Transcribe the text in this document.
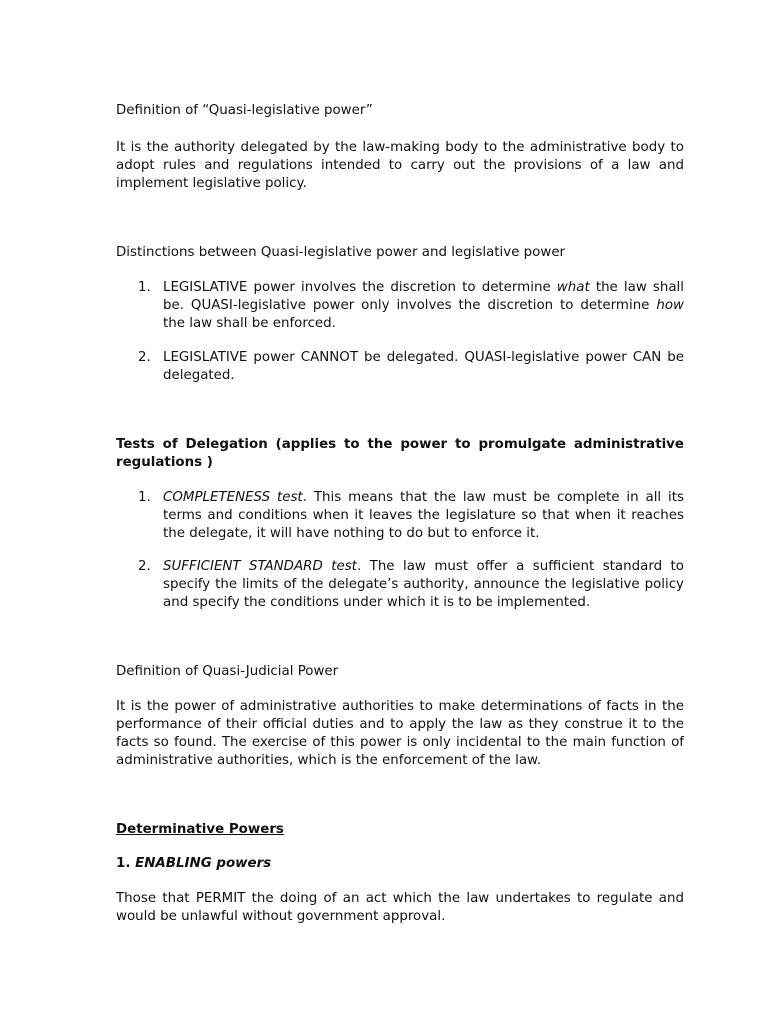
Definition of “Quasi-legislative power”

It is the authority delegated by the law-making body to the administrative body to adopt rules and regulations intended to carry out the provisions of a law and implement legislative policy.

Distinctions between Quasi-legislative power and legislative power

1. LEGISLATIVE power involves the discretion to determine what the law shall be. QUASI-legislative power only involves the discretion to determine how the law shall be enforced.
2. LEGISLATIVE power CANNOT be delegated. QUASI-legislative power CAN be delegated.

Tests of Delegation (applies to the power to promulgate administrative regulations )

1. COMPLETENESS test. This means that the law must be complete in all its terms and conditions when it leaves the legislature so that when it reaches the delegate, it will have nothing to do but to enforce it.
2. SUFFICIENT STANDARD test. The law must offer a sufficient standard to specify the limits of the delegate’s authority, announce the legislative policy and specify the conditions under which it is to be implemented.

Definition of Quasi-Judicial Power

It is the power of administrative authorities to make determinations of facts in the performance of their official duties and to apply the law as they construe it to the facts so found. The exercise of this power is only incidental to the main function of administrative authorities, which is the enforcement of the law.

Determinative Powers

1. ENABLING powers

Those that PERMIT the doing of an act which the law undertakes to regulate and would be unlawful without government approval.
